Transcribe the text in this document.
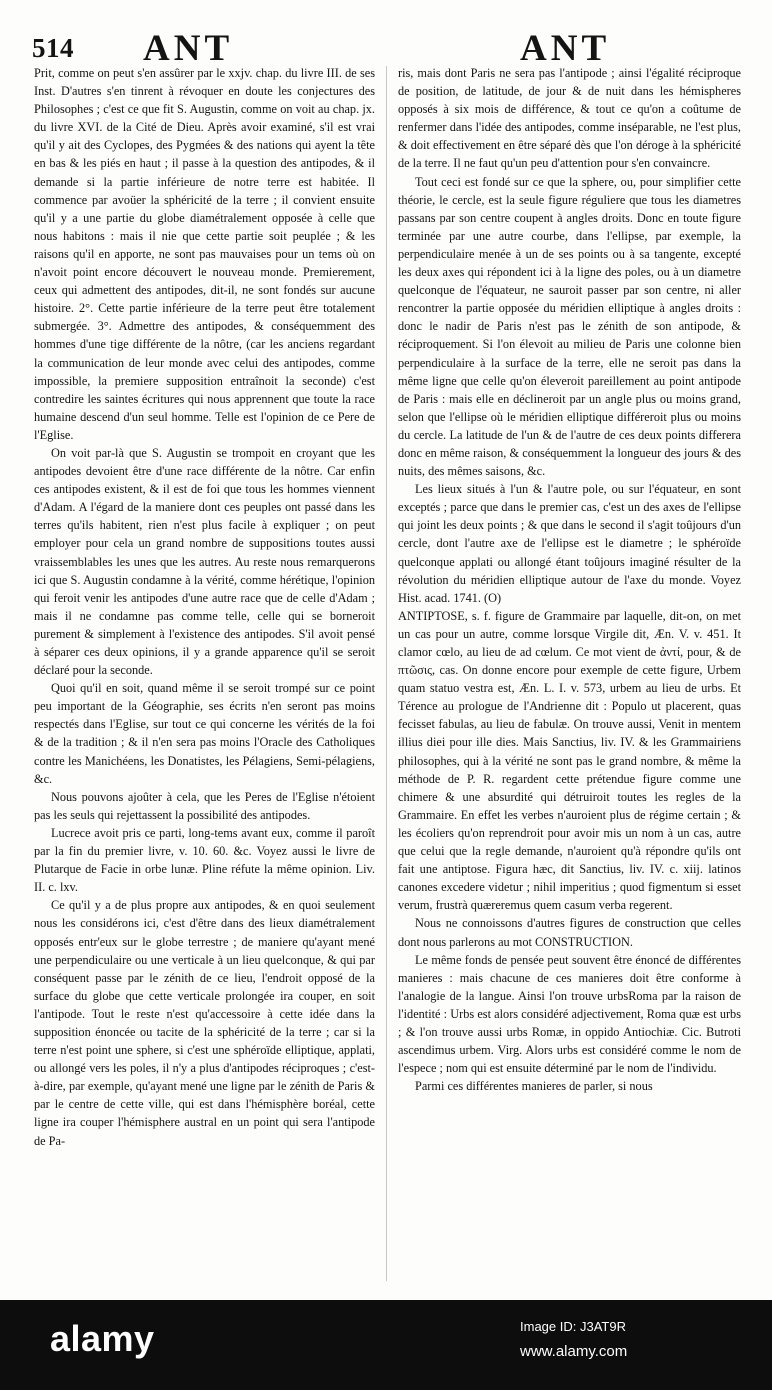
514 ANT	ANT

Prit, comme on peut s'en assûrer par le xxjv. chap. du livre III. de ses Inst. D'autres s'en tinrent à révoquer en doute les conjectures des Philosophes ; c'est ce que fit S. Augustin, comme on voit au chap. jx. du livre XVI. de la Cité de Dieu. Après avoir examiné, s'il est vrai qu'il y ait des Cyclopes, des Pygmées & des nations qui ayent la tête en bas & les piés en haut ; il passe à la question des antipodes, & il demande si la partie inférieure de notre terre est habitée. Il commence par avoüer la sphéricité de la terre ; il convient ensuite qu'il y a une partie du globe diamétralement opposée à celle que nous habitons : mais il nie que cette partie soit peuplée ; & les raisons qu'il en apporte, ne sont pas mauvaises pour un tems où on n'avoit point encore découvert le nouveau monde. Premierement, ceux qui admettent des antipodes, dit-il, ne sont fondés sur aucune histoire. 2°. Cette partie inférieure de la terre peut être totalement submergée. 3°. Admettre des antipodes, & conséquemment des hommes d'une tige différente de la nôtre, (car les anciens regardant la communication de leur monde avec celui des antipodes, comme impossible, la premiere supposition entraînoit la seconde) c'est contredire les saintes écritures qui nous apprennent que toute la race humaine descend d'un seul homme. Telle est l'opinion de ce Pere de l'Eglise.

On voit par-là que S. Augustin se trompoit en croyant que les antipodes devoient être d'une race différente de la nôtre. Car enfin ces antipodes existent, & il est de foi que tous les hommes viennent d'Adam. A l'égard de la maniere dont ces peuples ont passé dans les terres qu'ils habitent, rien n'est plus facile à expliquer ; on peut employer pour cela un grand nombre de suppositions toutes aussi vraissemblables les unes que les autres. Au reste nous remarquerons ici que S. Augustin condamne à la vérité, comme hérétique, l'opinion qui feroit venir les antipodes d'une autre race que de celle d'Adam ; mais il ne condamne pas comme telle, celle qui se borneroit purement & simplement à l'existence des antipodes. S'il avoit pensé à séparer ces deux opinions, il y a grande apparence qu'il se seroit déclaré pour la seconde.

Quoi qu'il en soit, quand même il se seroit trompé sur ce point peu important de la Géographie, ses écrits n'en seront pas moins respectés dans l'Eglise, sur tout ce qui concerne les vérités de la foi & de la tradition ; & il n'en sera pas moins l'Oracle des Catholiques contre les Manichéens, les Donatistes, les Pélagiens, Semi-pélagiens, &c.

Nous pouvons ajoûter à cela, que les Peres de l'Eglise n'étoient pas les seuls qui rejettassent la possibilité des antipodes.

Lucrece avoit pris ce parti, long-tems avant eux, comme il paroît par la fin du premier livre, v. 10. 60. &c. Voyez aussi le livre de Plutarque de Facie in orbe lunæ. Pline réfute la même opinion. Liv. II. c. lxv.

Ce qu'il y a de plus propre aux antipodes, & en quoi seulement nous les considérons ici, c'est d'être dans des lieux diamétralement opposés entr'eux sur le globe terrestre ; de maniere qu'ayant mené une perpendiculaire ou une verticale à un lieu quelconque, & qui par conséquent passe par le zénith de ce lieu, l'endroit opposé de la surface du globe que cette verticale prolongée ira couper, en soit l'antipode. Tout le reste n'est qu'accessoire à cette idée dans la supposition énoncée ou tacite de la sphéricité de la terre ; car si la terre n'est point une sphere, si c'est une sphéroïde elliptique, applati, ou allongé vers les poles, il n'y a plus d'antipodes réciproques ; c'est-à-dire, par exemple, qu'ayant mené une ligne par le zénith de Paris & par le centre de cette ville, qui est dans l'hémisphère boréal, cette ligne ira couper l'hémisphere austral en un point qui sera l'antipode de Pa-

ris, mais dont Paris ne sera pas l'antipode ; ainsi l'égalité réciproque de position, de latitude, de jour & de nuit dans les hémispheres opposés à six mois de différence, & tout ce qu'on a coûtume de renfermer dans l'idée des antipodes, comme inséparable, ne l'est plus, & doit effectivement en être séparé dès que l'on déroge à la sphéricité de la terre. Il ne faut qu'un peu d'attention pour s'en convaincre.

Tout ceci est fondé sur ce que la sphere, ou, pour simplifier cette théorie, le cercle, est la seule figure réguliere que tous les diametres passans par son centre coupent à angles droits. Donc en toute figure terminée par une autre courbe, dans l'ellipse, par exemple, la perpendiculaire menée à un de ses points ou à sa tangente, excepté les deux axes qui répondent ici à la ligne des poles, ou à un diametre quelconque de l'équateur, ne sauroit passer par son centre, ni aller rencontrer la partie opposée du méridien elliptique à angles droits : donc le nadir de Paris n'est pas le zénith de son antipode, & réciproquement. Si l'on élevoit au milieu de Paris une colonne bien perpendiculaire à la surface de la terre, elle ne seroit pas dans la même ligne que celle qu'on éleveroit pareillement au point antipode de Paris : mais elle en déclineroit par un angle plus ou moins grand, selon que l'ellipse où le méridien elliptique différeroit plus ou moins du cercle. La latitude de l'un & de l'autre de ces deux points differera donc en même raison, & conséquemment la longueur des jours & des nuits, des mêmes saisons, &c.

Les lieux situés à l'un & l'autre pole, ou sur l'équateur, en sont exceptés ; parce que dans le premier cas, c'est un des axes de l'ellipse qui joint les deux points ; & que dans le second il s'agit toûjours d'un cercle, dont l'autre axe de l'ellipse est le diametre ; le sphéroïde quelconque applati ou allongé étant toûjours imaginé résulter de la révolution du méridien elliptique autour de l'axe du monde. Voyez Hist. acad. 1741. (O)

ANTIPTOSE, s. f. figure de Grammaire par laquelle, dit-on, on met un cas pour un autre, comme lorsque Virgile dit, Æn. V. v. 451. It clamor cœlo, au lieu de ad cœlum. Ce mot vient de ἀντί, pour, & de πτῶσις, cas. On donne encore pour exemple de cette figure, Urbem quam statuo vestra est, Æn. L. I. v. 573, urbem au lieu de urbs. Et Térence au prologue de l'Andrienne dit : Populo ut placerent, quas fecisset fabulas, au lieu de fabulæ. On trouve aussi, Venit in mentem illius diei pour ille dies. Mais Sanctius, liv. IV. & les Grammairiens philosophes, qui à la vérité ne sont pas le grand nombre, & même la méthode de P. R. regardent cette prétendue figure comme une chimere & une absurdité qui détruiroit toutes les regles de la Grammaire. En effet les verbes n'auroient plus de régime certain ; & les écoliers qu'on reprendroit pour avoir mis un nom à un cas, autre que celui que la regle demande, n'auroient qu'à répondre qu'ils ont fait une antiptose. Figura hæc, dit Sanctius, liv. IV. c. xiij. latinos canones excedere videtur ; nihil imperitius ; quod figmentum si esset verum, frustrà quæreremus quem casum verba regerent.

Nous ne connoissons d'autres figures de construction que celles dont nous parlerons au mot CONSTRUCTION.

Le même fonds de pensée peut souvent être énoncé de différentes manieres : mais chacune de ces manieres doit être conforme à l'analogie de la langue. Ainsi l'on trouve urbsRoma par la raison de l'identité : Urbs est alors considéré adjectivement, Roma quæ est urbs ; & l'on trouve aussi urbs Romæ, in oppido Antiochiæ. Cic. Butroti ascendimus urbem. Virg. Alors urbs est considéré comme le nom de l'espece ; nom qui est ensuite déterminé par le nom de l'individu.

Parmi ces différentes manieres de parler, si nous

alamy	Image ID: J3AT9R
www.alamy.com
